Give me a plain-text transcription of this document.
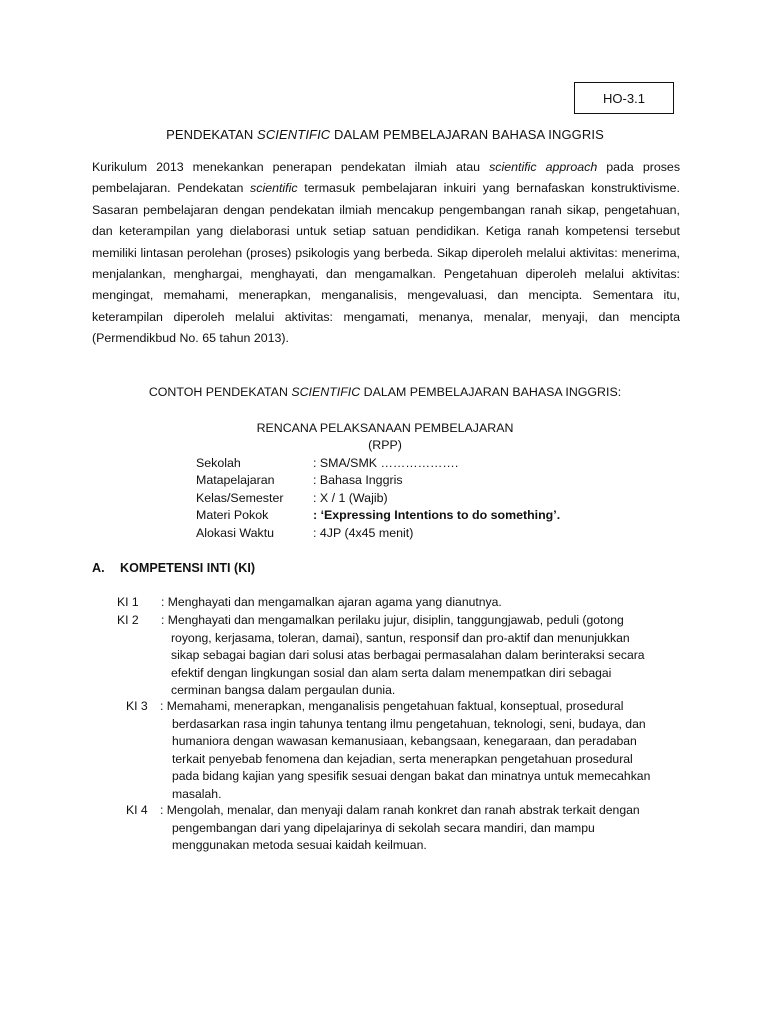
HO-3.1
PENDEKATAN SCIENTIFIC DALAM PEMBELAJARAN BAHASA INGGRIS

Kurikulum 2013 menekankan penerapan pendekatan ilmiah atau scientific approach pada proses pembelajaran. Pendekatan scientific termasuk pembelajaran inkuiri yang bernafaskan konstruktivisme. Sasaran pembelajaran dengan pendekatan ilmiah mencakup pengembangan ranah sikap, pengetahuan, dan keterampilan yang dielaborasi untuk setiap satuan pendidikan. Ketiga ranah kompetensi tersebut memiliki lintasan perolehan (proses) psikologis yang berbeda. Sikap diperoleh melalui aktivitas: menerima, menjalankan, menghargai, menghayati, dan mengamalkan. Pengetahuan diperoleh melalui aktivitas: mengingat, memahami, menerapkan, menganalisis, mengevaluasi, dan mencipta. Sementara itu, keterampilan diperoleh melalui aktivitas: mengamati, menanya, menalar, menyaji, dan mencipta (Permendikbud No. 65 tahun 2013).

CONTOH PENDEKATAN SCIENTIFIC DALAM PEMBELAJARAN BAHASA INGGRIS:
RENCANA PELAKSANAAN PEMBELAJARAN
(RPP)
Sekolah	: SMA/SMK ……………….
Matapelajaran	: Bahasa Inggris
Kelas/Semester	: X / 1 (Wajib)
Materi Pokok	: ‘Expressing Intentions to do something’.
Alokasi Waktu	: 4JP (4x45 menit)
A. KOMPETENSI INTI (KI)
KI 1 : Menghayati dan mengamalkan ajaran agama yang dianutnya.
KI 2 : Menghayati dan mengamalkan perilaku jujur, disiplin, tanggungjawab, peduli (gotong
royong, kerjasama, toleran, damai), santun, responsif dan pro-aktif dan menunjukkan
sikap sebagai bagian dari solusi atas berbagai permasalahan dalam berinteraksi secara
efektif dengan lingkungan sosial dan alam serta dalam menempatkan diri sebagai
cerminan bangsa dalam pergaulan dunia.
KI 3 : Memahami, menerapkan, menganalisis pengetahuan faktual, konseptual, prosedural
berdasarkan rasa ingin tahunya tentang ilmu pengetahuan, teknologi, seni, budaya, dan
humaniora dengan wawasan kemanusiaan, kebangsaan, kenegaraan, dan peradaban
terkait penyebab fenomena dan kejadian, serta menerapkan pengetahuan prosedural
pada bidang kajian yang spesifik sesuai dengan bakat dan minatnya untuk memecahkan
masalah.
KI 4 : Mengolah, menalar, dan menyaji dalam ranah konkret dan ranah abstrak terkait dengan
pengembangan dari yang dipelajarinya di sekolah secara mandiri, dan mampu
menggunakan metoda sesuai kaidah keilmuan.
